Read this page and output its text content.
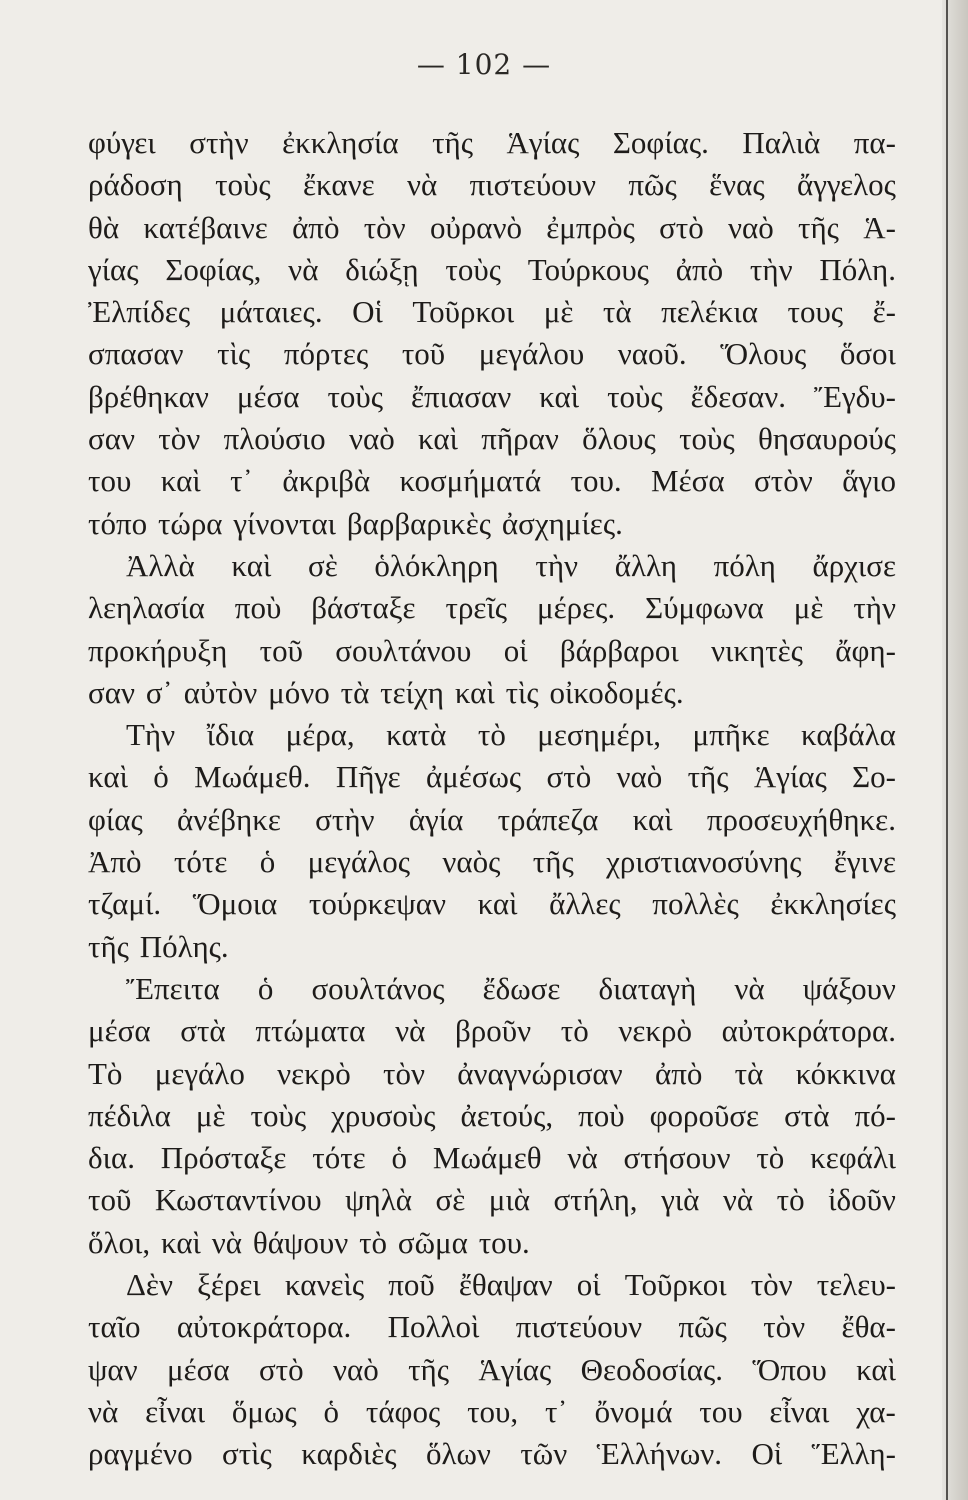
— 102 —
φύγει στὴν ἐκκλησία τῆς Ἁγίας Σοφίας. Παλιὰ πα-
ράδοση τοὺς ἔκανε νὰ πιστεύουν πῶς ἕνας ἄγγελος
θὰ κατέβαινε ἀπὸ τὸν οὐρανὸ ἐμπρὸς στὸ ναὸ τῆς Ἁ-
γίας Σοφίας, νὰ διώξῃ τοὺς Τούρκους ἀπὸ τὴν Πόλη.
Ἐλπίδες μάταιες. Οἱ Τοῦρκοι μὲ τὰ πελέκια τους ἔ-
σπασαν τὶς πόρτες τοῦ μεγάλου ναοῦ. Ὅλους ὅσοι
βρέθηκαν μέσα τοὺς ἔπιασαν καὶ τοὺς ἔδεσαν. Ἔγδυ-
σαν τὸν πλούσιο ναὸ καὶ πῆραν ὅλους τοὺς θησαυρούς
του καὶ τ᾿ ἀκριβὰ κοσμήματά του. Μέσα στὸν ἅγιο
τόπο τώρα γίνονται βαρβαρικὲς ἀσχημίες.
Ἀλλὰ καὶ σὲ ὁλόκληρη τὴν ἄλλη πόλη ἄρχισε
λεηλασία ποὺ βάσταξε τρεῖς μέρες. Σύμφωνα μὲ τὴν
προκήρυξη τοῦ σουλτάνου οἱ βάρβαροι νικητὲς ἄφη-
σαν σ᾿ αὐτὸν μόνο τὰ τείχη καὶ τὶς οἰκοδομές.
Τὴν ἴδια μέρα, κατὰ τὸ μεσημέρι, μπῆκε καβάλα
καὶ ὁ Μωάμεθ. Πῆγε ἀμέσως στὸ ναὸ τῆς Ἁγίας Σο-
φίας ἀνέβηκε στὴν ἁγία τράπεζα καὶ προσευχήθηκε.
Ἀπὸ τότε ὁ μεγάλος ναὸς τῆς χριστιανοσύνης ἔγινε
τζαμί. Ὅμοια τούρκεψαν καὶ ἄλλες πολλὲς ἐκκλησίες
τῆς Πόλης.
Ἔπειτα ὁ σουλτάνος ἔδωσε διαταγὴ νὰ ψάξουν
μέσα στὰ πτώματα νὰ βροῦν τὸ νεκρὸ αὐτοκράτορα.
Τὸ μεγάλο νεκρὸ τὸν ἀναγνώρισαν ἀπὸ τὰ κόκκινα
πέδιλα μὲ τοὺς χρυσοὺς ἀετούς, ποὺ φοροῦσε στὰ πό-
δια. Πρόσταξε τότε ὁ Μωάμεθ νὰ στήσουν τὸ κεφάλι
τοῦ Κωσταντίνου ψηλὰ σὲ μιὰ στήλη, γιὰ νὰ τὸ ἰδοῦν
ὅλοι, καὶ νὰ θάψουν τὸ σῶμα του.
Δὲν ξέρει κανεὶς ποῦ ἔθαψαν οἱ Τοῦρκοι τὸν τελευ-
ταῖο αὐτοκράτορα. Πολλοὶ πιστεύουν πῶς τὸν ἔθα-
ψαν μέσα στὸ ναὸ τῆς Ἁγίας Θεοδοσίας. Ὅπου καὶ
νὰ εἶναι ὅμως ὁ τάφος του, τ᾿ ὄνομά του εἶναι χα-
ραγμένο στὶς καρδιὲς ὅλων τῶν Ἑλλήνων. Οἱ Ἕλλη-
